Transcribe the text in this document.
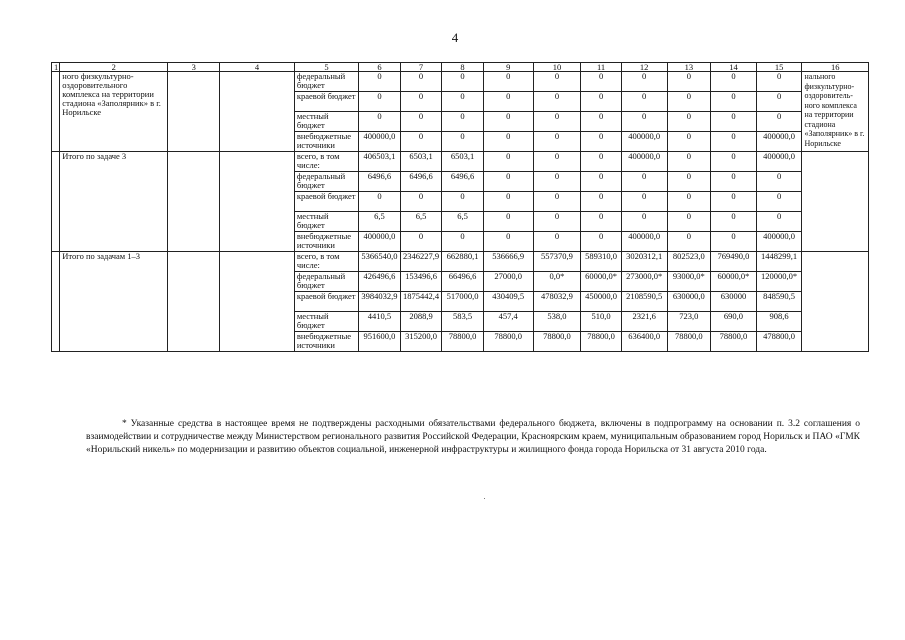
4
1	2	3	4	5	6	7	8	9	10	11	12	13	14	15	16
	ного физкультурно-оздоровительного комплекса на территории стадиона «Заполярник» в г. Норильске			федеральный бюджет	0	0	0	0	0	0	0	0	0	0	нального физкультурно-оздоровитель-ного комплекса на территории стадиона «Заполярник» в г. Норильске
				краевой бюджет	0	0	0	0	0	0	0	0	0	0	
				местный бюджет	0	0	0	0	0	0	0	0	0	0	
				внебюджетные источники	400000,0	0	0	0	0	0	400000,0	0	0	400000,0	
	Итого по задаче 3			всего, в том числе:	406503,1	6503,1	6503,1	0	0	0	400000,0	0	0	400000,0	
				федеральный бюджет	6496,6	6496,6	6496,6	0	0	0	0	0	0	0	
				краевой бюджет	0	0	0	0	0	0	0	0	0	0	
				местный бюджет	6,5	6,5	6,5	0	0	0	0	0	0	0	
				внебюджетные источники	400000,0	0	0	0	0	0	400000,0	0	0	400000,0	
	Итого по задачам 1–3			всего, в том числе:	5366540,0	2346227,9	662880,1	536666,9	557370,9	589310,0	3020312,1	802523,0	769490,0	1448299,1	
				федеральный бюджет	426496,6	153496,6	66496,6	27000,0	0,0*	60000,0*	273000,0*	93000,0*	60000,0*	120000,0*	
				краевой бюджет	3984032,9	1875442,4	517000,0	430409,5	478032,9	450000,0	2108590,5	630000,0	630000	848590,5	
				местный бюджет	4410,5	2088,9	583,5	457,4	538,0	510,0	2321,6	723,0	690,0	908,6	
				внебюджетные источники	951600,0	315200,0	78800,0	78800,0	78800,0	78800,0	636400,0	78800,0	78800,0	478800,0	

* Указанные средства в настоящее время не подтверждены расходными обязательствами федерального бюджета, включены в подпрограмму на основании п. 3.2 соглашения о взаимодействии и сотрудничестве между Министерством регионального развития Российской Федерации, Красноярским краем, муниципальным образованием город Норильск и ПАО «ГМК «Норильский никель» по модернизации и развитию объектов социальной, инженерной инфраструктуры и жилищного фонда города Норильска от 31 августа 2010 года.
